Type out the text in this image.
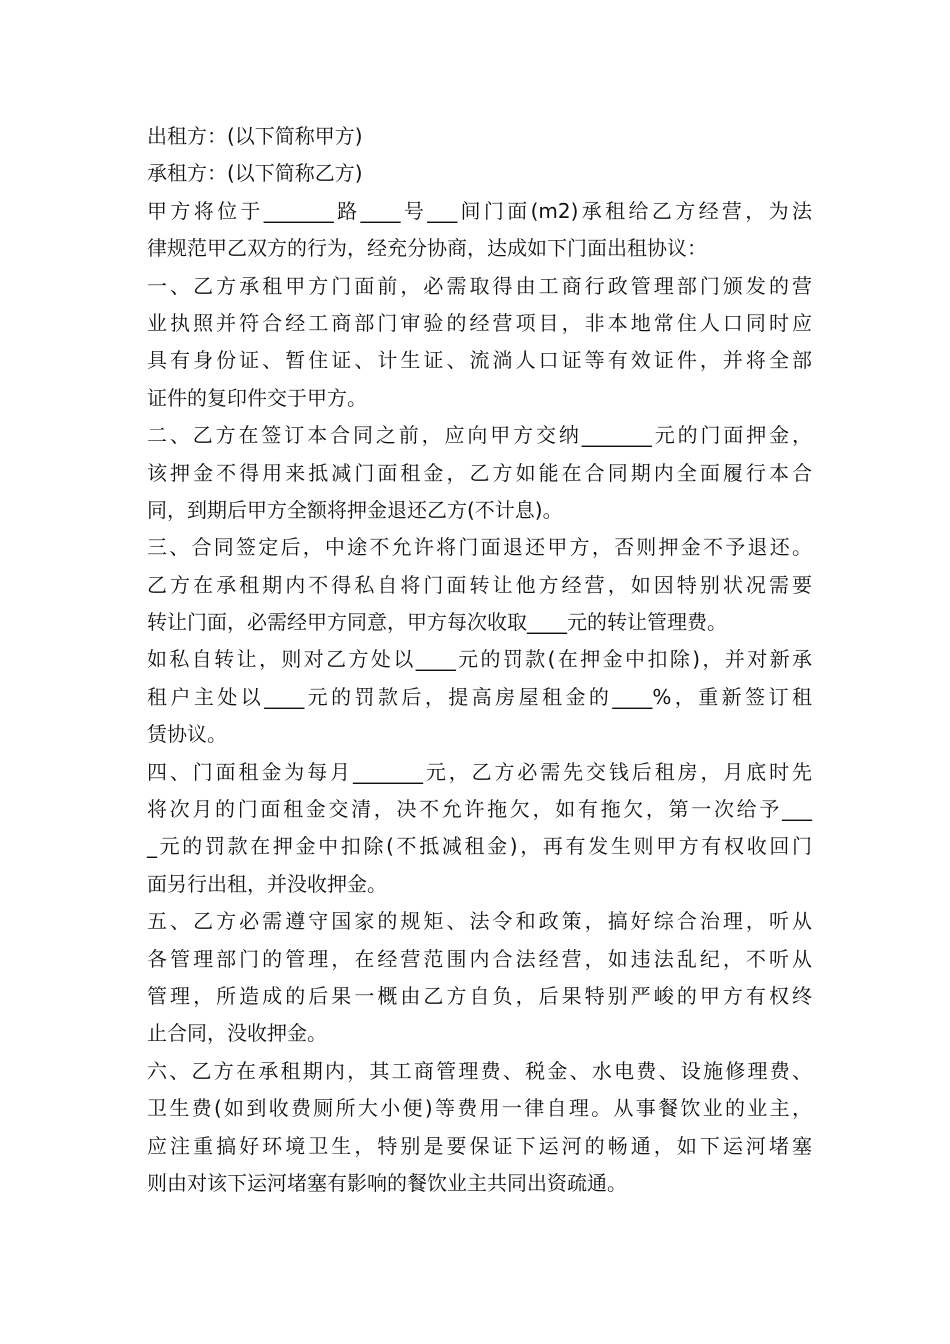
出租方：(以下简称甲方)
承租方：(以下简称乙方)
甲方将位于_______路____号___间门面(m2)承租给乙方经营，为法
律规范甲乙双方的行为，经充分协商，达成如下门面出租协议：
一、乙方承租甲方门面前，必需取得由工商行政管理部门颁发的营
业执照并符合经工商部门审验的经营项目，非本地常住人口同时应
具有身份证、暂住证、计生证、流淌人口证等有效证件，并将全部
证件的复印件交于甲方。
二、乙方在签订本合同之前，应向甲方交纳_______元的门面押金，
该押金不得用来抵减门面租金，乙方如能在合同期内全面履行本合
同，到期后甲方全额将押金退还乙方(不计息)。
三、合同签定后，中途不允许将门面退还甲方，否则押金不予退还。
乙方在承租期内不得私自将门面转让他方经营，如因特别状况需要
转让门面，必需经甲方同意，甲方每次收取____元的转让管理费。
如私自转让，则对乙方处以____元的罚款(在押金中扣除)，并对新承
租户主处以____元的罚款后，提高房屋租金的____%，重新签订租
赁协议。
四、门面租金为每月_______元，乙方必需先交钱后租房，月底时先
将次月的门面租金交清，决不允许拖欠，如有拖欠，第一次给予___
_元的罚款在押金中扣除(不抵减租金)，再有发生则甲方有权收回门
面另行出租，并没收押金。
五、乙方必需遵守国家的规矩、法令和政策，搞好综合治理，听从
各管理部门的管理，在经营范围内合法经营，如违法乱纪，不听从
管理，所造成的后果一概由乙方自负，后果特别严峻的甲方有权终
止合同，没收押金。
六、乙方在承租期内，其工商管理费、税金、水电费、设施修理费、
卫生费(如到收费厕所大小便)等费用一律自理。从事餐饮业的业主，
应注重搞好环境卫生，特别是要保证下运河的畅通，如下运河堵塞
则由对该下运河堵塞有影响的餐饮业主共同出资疏通。
